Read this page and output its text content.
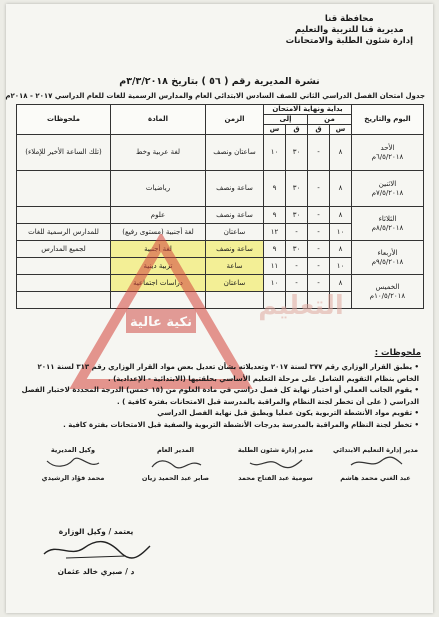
محافظة قنا
مديرية قنا للتربية والتعليم
إدارة شئون الطلبة والامتحانات
نشرة المديرية رقم ( ٥٦ ) بتاريخ ٣/٣/٢٠١٨م
جدول امتحان الفصل الدراسي الثاني للصف السادس الابتدائي العام والمدارس الرسمية للغات للعام الدراسي ٢٠١٧ - ٢٠١٨م
اليوم والتاريخ	بداية ونهاية الامتحان				الزمن	المادة	ملحوظات
	من		إلى				
	س	ق	ق	س			

الأحد
٦/٥/٢٠١٨م	٨	-	٣٠	١٠	ساعتان ونصف	لغة عربية وخط	(تلك الساعة الأخير للإملاء)

الاثنين
٧/٥/٢٠١٨م	٨	-	٣٠	٩	ساعة ونصف	رياضيات	

الثلاثاء
٨/٥/٢٠١٨م	٨	-	٣٠	٩	ساعة ونصف	علوم	
	١٠	-	-	١٢	ساعتان	لغة أجنبية (مستوى رفيع)	للمدارس الرسمية للغات

الأربعاء
٩/٥/٢٠١٨م	٨	-	٣٠	٩	ساعة ونصف	لغة أجنبية	لجميع المدارس
	١٠	-	-	١١	ساعة	تربية دينية	

الخميس
١٠/٥/٢٠١٨م	٨	-	-	١٠	ساعتان	دراسات اجتماعية	

نكية عالية
التعليم
ملحوظات :
• يطبق القرار الوزاري رقم ٣٧٧ لسنة ٢٠١٧ وتعديلاته بشأن تعديل بعض مواد القرار الوزاري رقم ٣١٣ لسنة ٢٠١١ الخاص بنظام التقويم الشامل على مرحلة التعليم الأساسي بحلقتيها (الابتدائية - الإعدادية) .
• يقوم الجانب العملي أو اختبار نهاية كل فصل دراسي في مادة العلوم من (١٥ خمس) الدرجة المحددة لاختبار الفصل الدراسي ( على أن تخطر لجنة النظام والمراقبة بالمدرسة قبل الامتحانات بفترة كافية ) .
• تقويم مواد الأنشطة التربوية يكون عمليا ويطبق قبل نهاية الفصل الدراسي
• تخطر لجنة النظام والمراقبة بالمدرسة بدرجات الأنشطة التربوية والصفية قبل الامتحانات بفترة كافية .
مدير إدارة التعليم الابتدائي
عبد الغني محمد هاشم
مدير إدارة شئون الطلبة
سومية عبد الفتاح محمد
المدير العام
صابر عبد الحميد زيان
وكيل المديرية
محمد فؤاد الرشيدي
يعتمد / وكيل الوزارة
د / صبري خالد عثمان
